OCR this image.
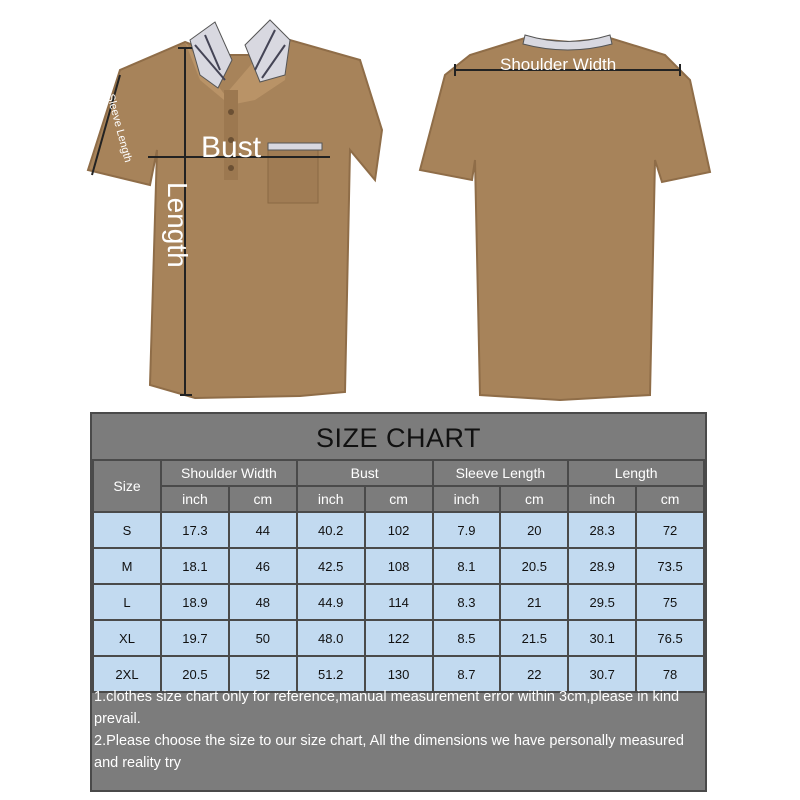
Bust
Length
Sleeve Length
Shoulder Width
SIZE CHART
Size	Shoulder Width		Bust		Sleeve Length		Length	
	inch	cm	inch	cm	inch	cm	inch	cm
S	17.3	44	40.2	102	7.9	20	28.3	72
M	18.1	46	42.5	108	8.1	20.5	28.9	73.5
L	18.9	48	44.9	114	8.3	21	29.5	75
XL	19.7	50	48.0	122	8.5	21.5	30.1	76.5
2XL	20.5	52	51.2	130	8.7	22	30.7	78

1.clothes size chart only for reference,manual measurement error within 3cm,please in kind prevail.

2.Please choose the size to our size chart, All the dimensions we have personally measured and reality try
